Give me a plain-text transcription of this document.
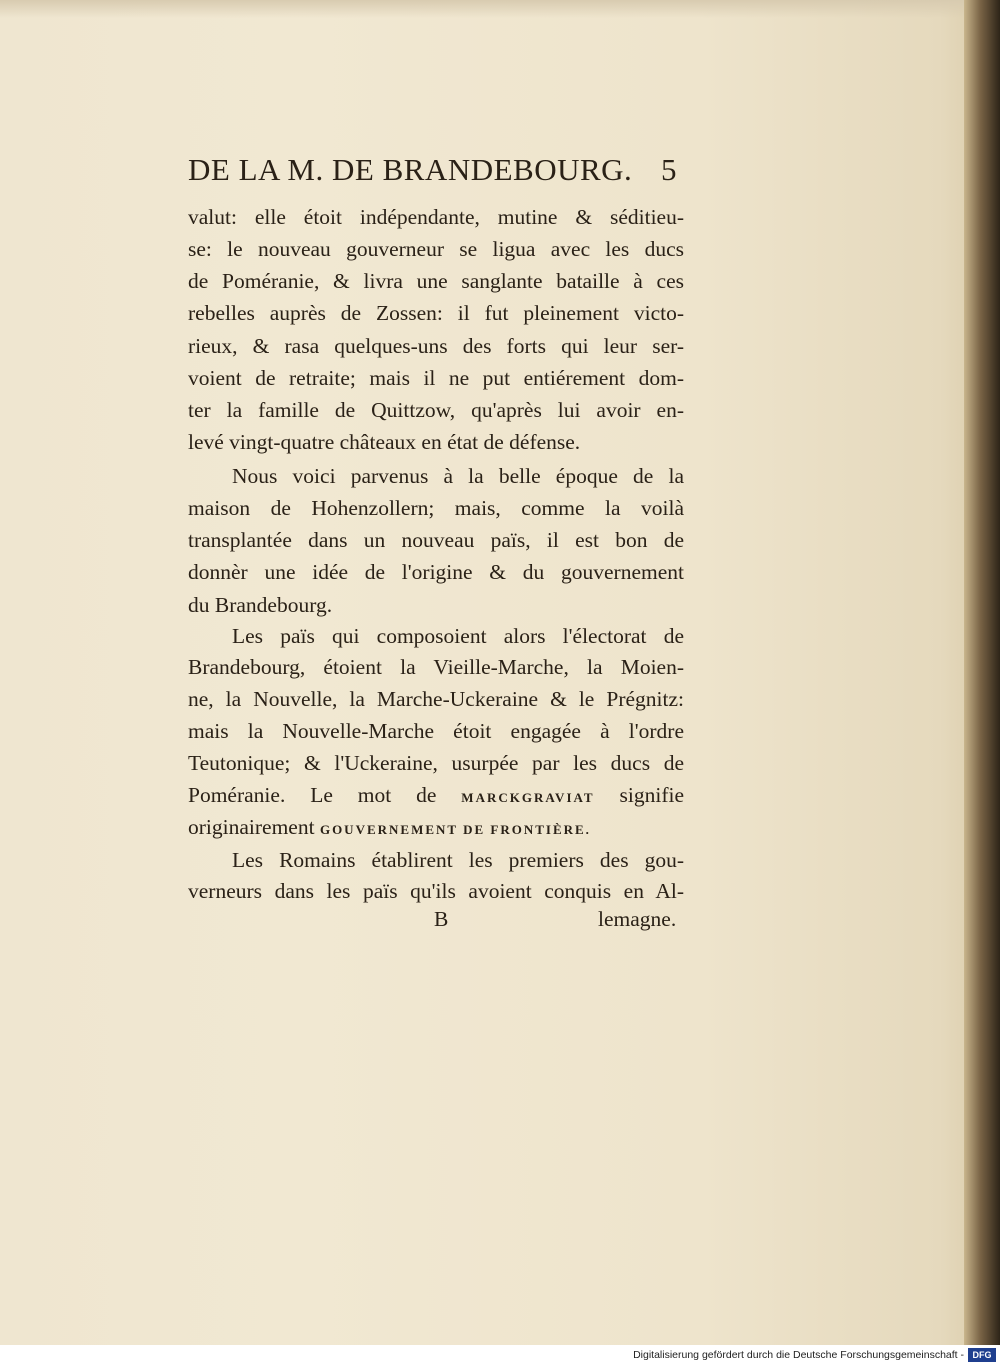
DE LA M. DE BRANDEBOURG. 5
valut: elle étoit indépendante, mutine & séditieu-
se: le nouveau gouverneur se ligua avec les ducs
de Poméranie, & livra une sanglante bataille à ces
rebelles auprès de Zossen: il fut pleinement victo-
rieux, & rasa quelques-uns des forts qui leur ser-
voient de retraite; mais il ne put entiérement dom-
ter la famille de Quittzow, qu'après lui avoir en-
levé vingt-quatre châteaux en état de défense.
Nous voici parvenus à la belle époque de la
maison de Hohenzollern; mais, comme la voilà
transplantée dans un nouveau païs, il est bon de
donnèr une idée de l'origine & du gouvernement
du Brandebourg.
Les païs qui composoient alors l'électorat de
Brandebourg, étoient la Vieille-Marche, la Moien-
ne, la Nouvelle, la Marche-Uckeraine & le Prégnitz:
mais la Nouvelle-Marche étoit engagée à l'ordre
Teutonique; & l'Uckeraine, usurpée par les ducs de
Poméranie. Le mot de MARCKGRAVIAT signifie
originairement GOUVERNEMENT DE FRONTIÈRE.
Les Romains établirent les premiers des gou-
verneurs dans les païs qu'ils avoient conquis en Al-
B	lemagne.
Digitalisierung gefördert durch die Deutsche Forschungsgemeinschaft - DFG
